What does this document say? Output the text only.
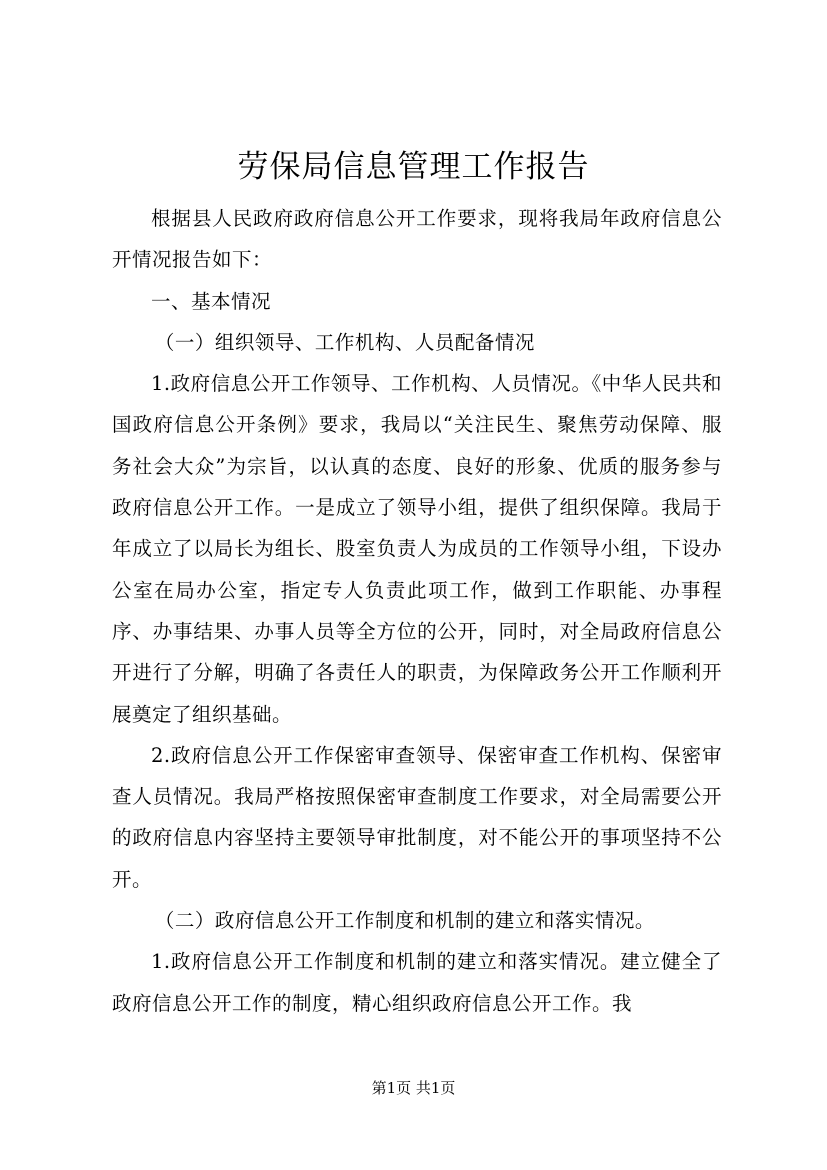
劳保局信息管理工作报告

根据县人民政府政府信息公开工作要求，现将我局年政府信息公开情况报告如下：

一、基本情况

（一）组织领导、工作机构、人员配备情况

1.政府信息公开工作领导、工作机构、人员情况。《中华人民共和国政府信息公开条例》要求，我局以“关注民生、聚焦劳动保障、服务社会大众”为宗旨，以认真的态度、良好的形象、优质的服务参与政府信息公开工作。一是成立了领导小组，提供了组织保障。我局于年成立了以局长为组长、股室负责人为成员的工作领导小组，下设办公室在局办公室，指定专人负责此项工作，做到工作职能、办事程序、办事结果、办事人员等全方位的公开，同时，对全局政府信息公开进行了分解，明确了各责任人的职责，为保障政务公开工作顺利开展奠定了组织基础。

2.政府信息公开工作保密审查领导、保密审查工作机构、保密审查人员情况。我局严格按照保密审查制度工作要求，对全局需要公开的政府信息内容坚持主要领导审批制度，对不能公开的事项坚持不公开。

（二）政府信息公开工作制度和机制的建立和落实情况。

1.政府信息公开工作制度和机制的建立和落实情况。建立健全了政府信息公开工作的制度，精心组织政府信息公开工作。我

第1页 共1页
